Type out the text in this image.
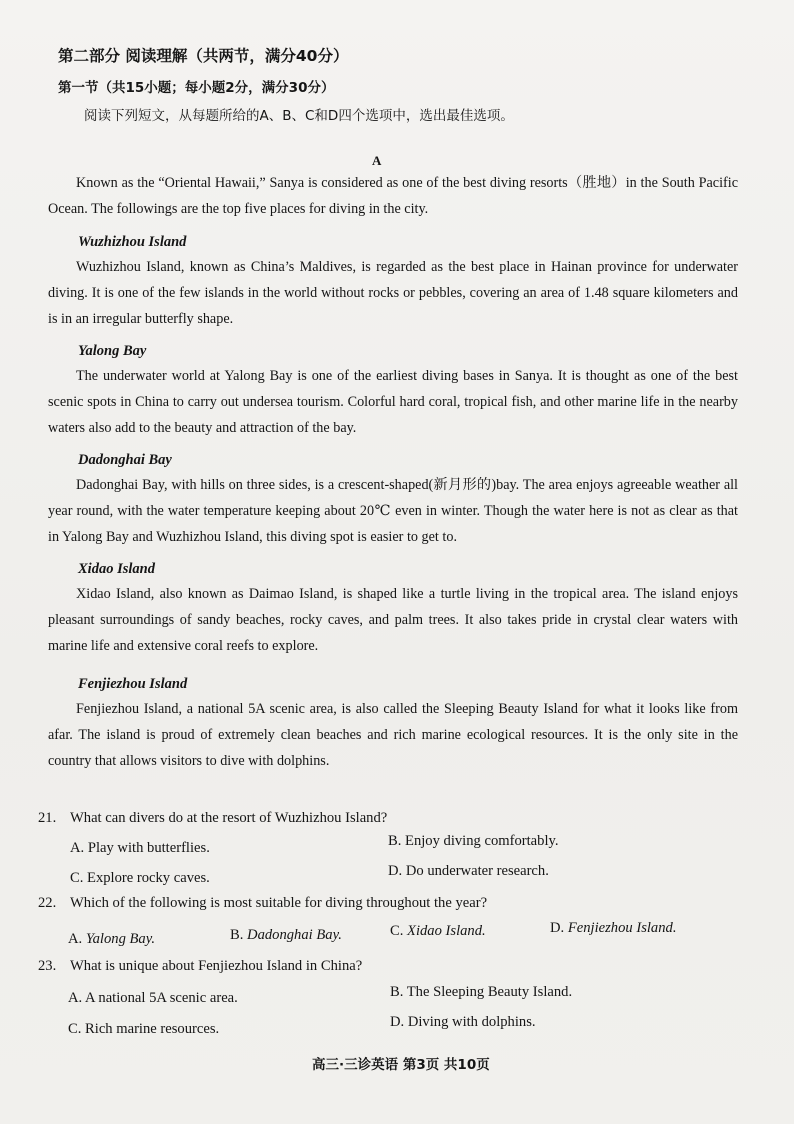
第二部分 阅读理解（共两节，满分40分）
第一节（共15小题；每小题2分，满分30分）
阅读下列短文，从每题所给的A、B、C和D四个选项中，选出最佳选项。
A

Known as the “Oriental Hawaii,” Sanya is considered as one of the best diving resorts（胜地）in the South Pacific Ocean. The followings are the top five places for diving in the city.

Wuzhizhou Island

Wuzhizhou Island, known as China’s Maldives, is regarded as the best place in Hainan province for underwater diving. It is one of the few islands in the world without rocks or pebbles, covering an area of 1.48 square kilometers and is in an irregular butterfly shape.

Yalong Bay

The underwater world at Yalong Bay is one of the earliest diving bases in Sanya. It is thought as one of the best scenic spots in China to carry out undersea tourism. Colorful hard coral, tropical fish, and other marine life in the nearby waters also add to the beauty and attraction of the bay.

Dadonghai Bay

Dadonghai Bay, with hills on three sides, is a crescent-shaped(新月形的)bay. The area enjoys agreeable weather all year round, with the water temperature keeping about 20℃ even in winter. Though the water here is not as clear as that in Yalong Bay and Wuzhizhou Island, this diving spot is easier to get to.

Xidao Island

Xidao Island, also known as Daimao Island, is shaped like a turtle living in the tropical area. The island enjoys pleasant surroundings of sandy beaches, rocky caves, and palm trees. It also takes pride in crystal clear waters with marine life and extensive coral reefs to explore.

Fenjiezhou Island

Fenjiezhou Island, a national 5A scenic area, is also called the Sleeping Beauty Island for what it looks like from afar. The island is proud of extremely clean beaches and rich marine ecological resources. It is the only site in the country that allows visitors to dive with dolphins.

21. What can divers do at the resort of Wuzhizhou Island?
A. Play with butterflies.	B. Enjoy diving comfortably.
C. Explore rocky caves.	D. Do underwater research.
22. Which of the following is most suitable for diving throughout the year?
A. Yalong Bay.	B. Dadonghai Bay.	C. Xidao Island.	D. Fenjiezhou Island.
23. What is unique about Fenjiezhou Island in China?
A. A national 5A scenic area.	B. The Sleeping Beauty Island.
C. Rich marine resources.	D. Diving with dolphins.
高三·三诊英语 第3页 共10页
